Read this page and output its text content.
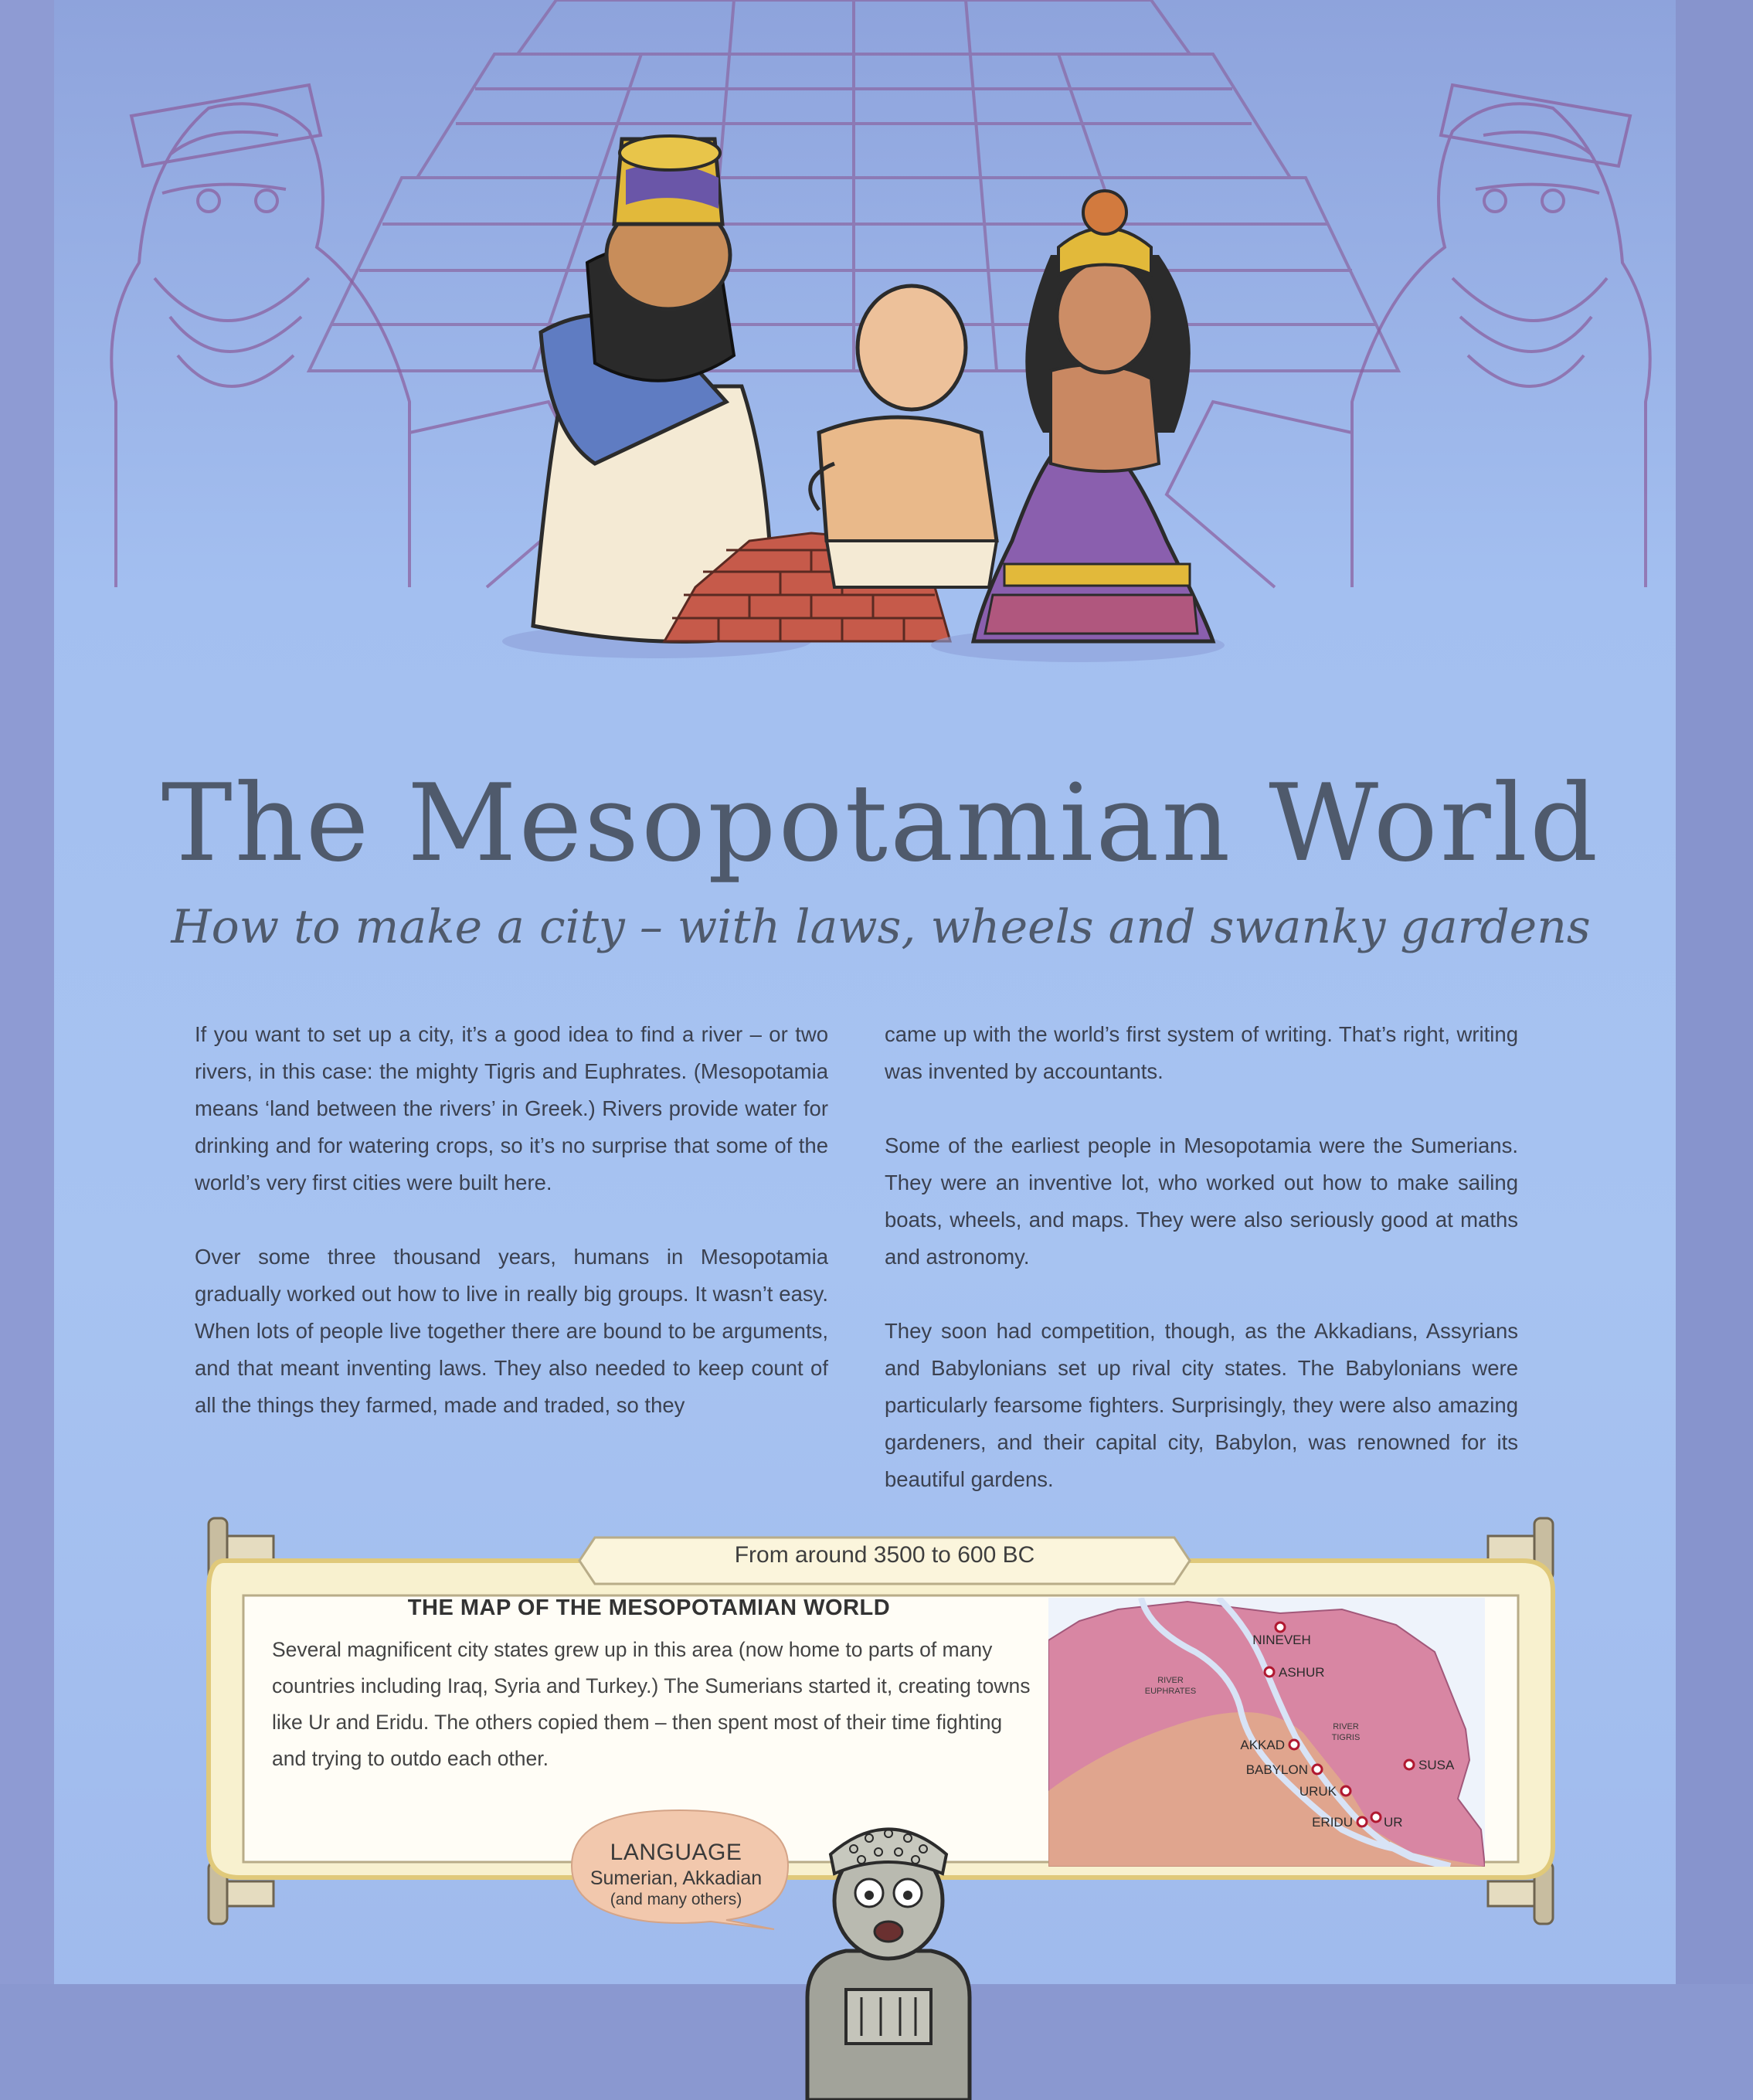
The Mesopotamian World
How to make a city – with laws, wheels and swanky gardens

If you want to set up a city, it’s a good idea to find a river – or two rivers, in this case: the mighty Tigris and Euphrates. (Mesopotamia means ‘land between the rivers’ in Greek.) Rivers provide water for drinking and for watering crops, so it’s no surprise that some of the world’s very first cities were built here.

Over some three thousand years, humans in Mesopotamia gradually worked out how to live in really big groups. It wasn’t easy. When lots of people live together there are bound to be arguments, and that meant inventing laws. They also needed to keep count of all the things they farmed, made and traded, so they

came up with the world’s first system of writing. That’s right, writing was invented by accountants.

Some of the earliest people in Mesopotamia were the Sumerians. They were an inventive lot, who worked out how to make sailing boats, wheels, and maps. They were also seriously good at maths and astronomy.

They soon had competition, though, as the Akkadians, Assyrians and Babylonians set up rival city states. The Babylonians were particularly fearsome fighters. Surprisingly, they were also amazing gardeners, and their capital city, Babylon, was renowned for its beautiful gardens.

From around 3500 to 600 BC
THE MAP OF THE MESOPOTAMIAN WORLD

Several magnificent city states grew up in this area (now home to parts of many countries including Iraq, Syria and Turkey.) The Sumerians started it, creating towns like Ur and Eridu. The others copied them – then spent most of their time fighting and trying to outdo each other.

NINEVEH
ASHUR
AKKAD
BABYLON
URUK
ERIDU UR
SUSA
RIVER
EUPHRATES
RIVER
TIGRIS
LANGUAGE
Sumerian, Akkadian
(and many others)
